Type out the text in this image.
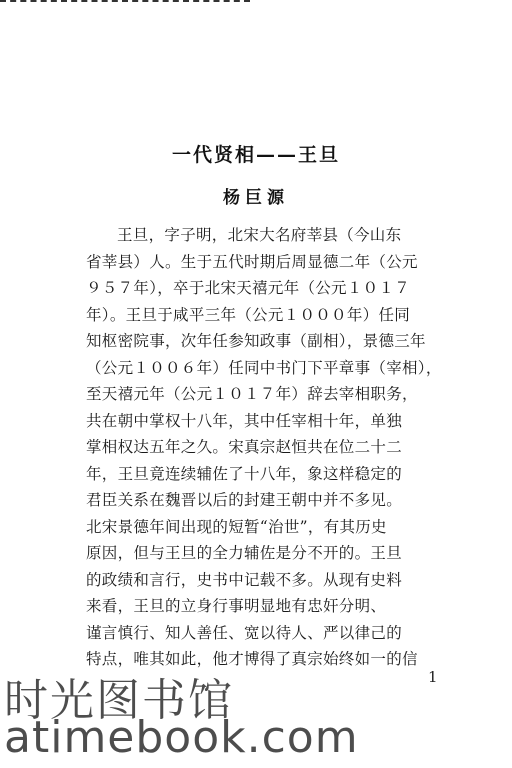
一代贤相——王旦
杨巨源
王旦，字子明，北宋大名府莘县（今山东
省莘县）人。生于五代时期后周显德二年（公元
９５７年），卒于北宋天禧元年（公元１０１７
年）。王旦于咸平三年（公元１０００年）任同
知枢密院事，次年任参知政事（副相），景德三年
（公元１００６年）任同中书门下平章事（宰相），
至天禧元年（公元１０１７年）辞去宰相职务，
共在朝中掌权十八年，其中任宰相十年，单独
掌相权达五年之久。宋真宗赵恒共在位二十二
年，王旦竟连续辅佐了十八年，象这样稳定的
君臣关系在魏晋以后的封建王朝中并不多见。
北宋景德年间出现的短暂“治世”，有其历史
原因，但与王旦的全力辅佐是分不开的。王旦
的政绩和言行，史书中记载不多。从现有史料
来看，王旦的立身行事明显地有忠奸分明、
谨言慎行、知人善任、宽以待人、严以律己的
特点，唯其如此，他才博得了真宗始终如一的信
1
时光图书馆
atimebook.com
